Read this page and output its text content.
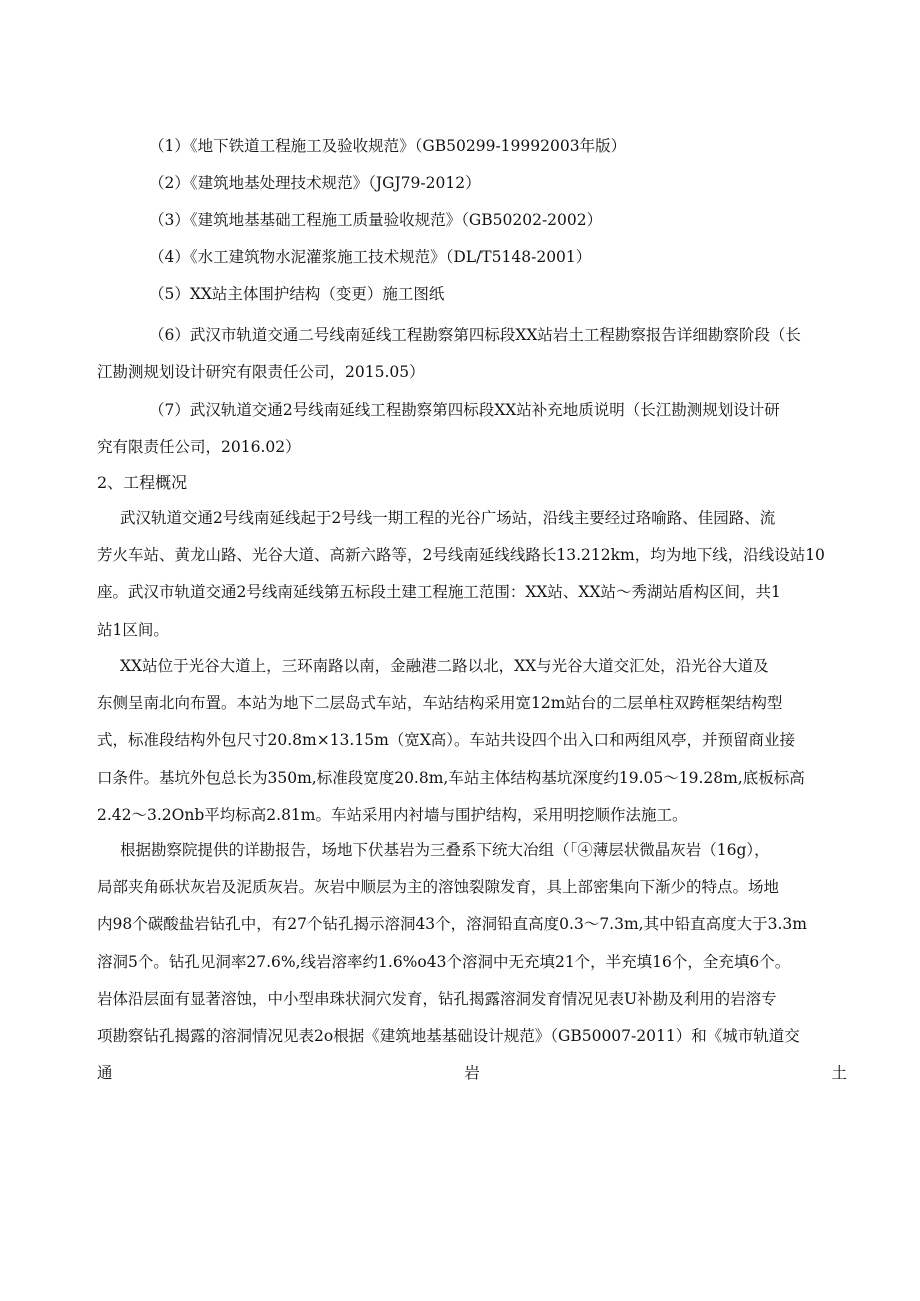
（1）《地下铁道工程施工及验收规范》（GB50299-19992003年版）
（2）《建筑地基处理技术规范》（JGJ79-2012）
（3）《建筑地基基础工程施工质量验收规范》（GB50202-2002）
（4）《水工建筑物水泥灌浆施工技术规范》（DL/T5148-2001）
（5）XX站主体围护结构（变更）施工图纸
（6）武汉市轨道交通二号线南延线工程勘察第四标段XX站岩土工程勘察报告详细勘察阶段（长
江勘测规划设计研究有限责任公司，2015.05）
（7）武汉轨道交通2号线南延线工程勘察第四标段XX站补充地质说明（长江勘测规划设计研
究有限责任公司，2016.02）
2、工程概况
武汉轨道交通2号线南延线起于2号线一期工程的光谷广场站，沿线主要经过珞喻路、佳园路、流
芳火车站、黄龙山路、光谷大道、高新六路等，2号线南延线线路长13.212km，均为地下线，沿线设站10
座。武汉市轨道交通2号线南延线第五标段土建工程施工范围：XX站、XX站～秀湖站盾构区间，共1
站1区间。
XX站位于光谷大道上，三环南路以南，金融港二路以北，XX与光谷大道交汇处，沿光谷大道及
东侧呈南北向布置。本站为地下二层岛式车站，车站结构采用宽12m站台的二层单柱双跨框架结构型
式，标准段结构外包尺寸20.8m×13.15m（宽X高）。车站共设四个出入口和两组风亭，并预留商业接
口条件。基坑外包总长为350m,标准段宽度20.8m,车站主体结构基坑深度约19.05～19.28m,底板标高
2.42～3.2Onb平均标高2.81m。车站采用内衬墙与围护结构，采用明挖顺作法施工。
根据勘察院提供的详勘报告，场地下伏基岩为三叠系下统大冶组（「④薄层状微晶灰岩（16g），
局部夹角砾状灰岩及泥质灰岩。灰岩中顺层为主的溶蚀裂隙发育，具上部密集向下渐少的特点。场地
内98个碳酸盐岩钻孔中，有27个钻孔揭示溶洞43个，溶洞铅直高度0.3～7.3m,其中铅直高度大于3.3m
溶洞5个。钻孔见洞率27.6%,线岩溶率约1.6%o43个溶洞中无充填21个，半充填16个，全充填6个。
岩体沿层面有显著溶蚀，中小型串珠状洞穴发育，钻孔揭露溶洞发育情况见表U补勘及利用的岩溶专
项勘察钻孔揭露的溶洞情况见表2o根据《建筑地基基础设计规范》（GB50007-2011）和《城市轨道交
通	岩	土
